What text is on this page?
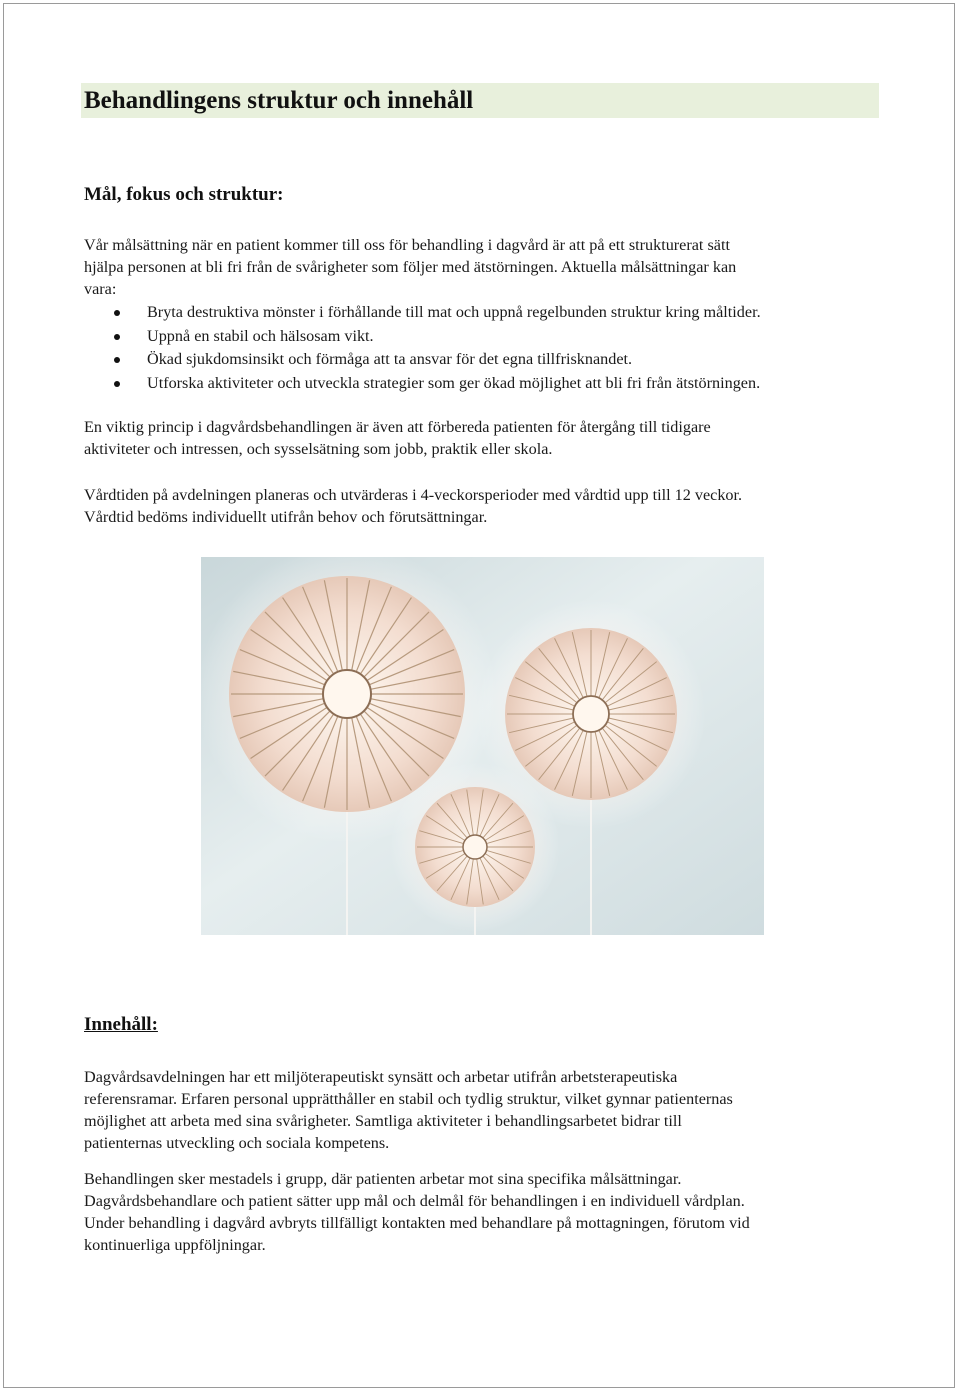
Behandlingens struktur och innehåll
Mål, fokus och struktur:
Vår målsättning när en patient kommer till oss för behandling i dagvård är att på ett strukturerat sätt
hjälpa personen at bli fri från de svårigheter som följer med ätstörningen. Aktuella målsättningar kan
vara:
Bryta destruktiva mönster i förhållande till mat och uppnå regelbunden struktur kring måltider.
Uppnå en stabil och hälsosam vikt.
Ökad sjukdomsinsikt och förmåga att ta ansvar för det egna tillfrisknandet.
Utforska aktiviteter och utveckla strategier som ger ökad möjlighet att bli fri från ätstörningen.
En viktig princip i dagvårdsbehandlingen är även att förbereda patienten för återgång till tidigare
aktiviteter och intressen, och sysselsätning som jobb, praktik eller skola.
Vårdtiden på avdelningen planeras och utvärderas i 4-veckorsperioder med vårdtid upp till 12 veckor.
Vårdtid bedöms individuellt utifrån behov och förutsättningar.
Innehåll:
Dagvårdsavdelningen har ett miljöterapeutiskt synsätt och arbetar utifrån arbetsterapeutiska
referensramar. Erfaren personal upprätthåller en stabil och tydlig struktur, vilket gynnar patienternas
möjlighet att arbeta med sina svårigheter. Samtliga aktiviteter i behandlingsarbetet bidrar till
patienternas utveckling och sociala kompetens.
Behandlingen sker mestadels i grupp, där patienten arbetar mot sina specifika målsättningar.
Dagvårdsbehandlare och patient sätter upp mål och delmål för behandlingen i en individuell vårdplan.
Under behandling i dagvård avbryts tillfälligt kontakten med behandlare på mottagningen, förutom vid
kontinuerliga uppföljningar.
